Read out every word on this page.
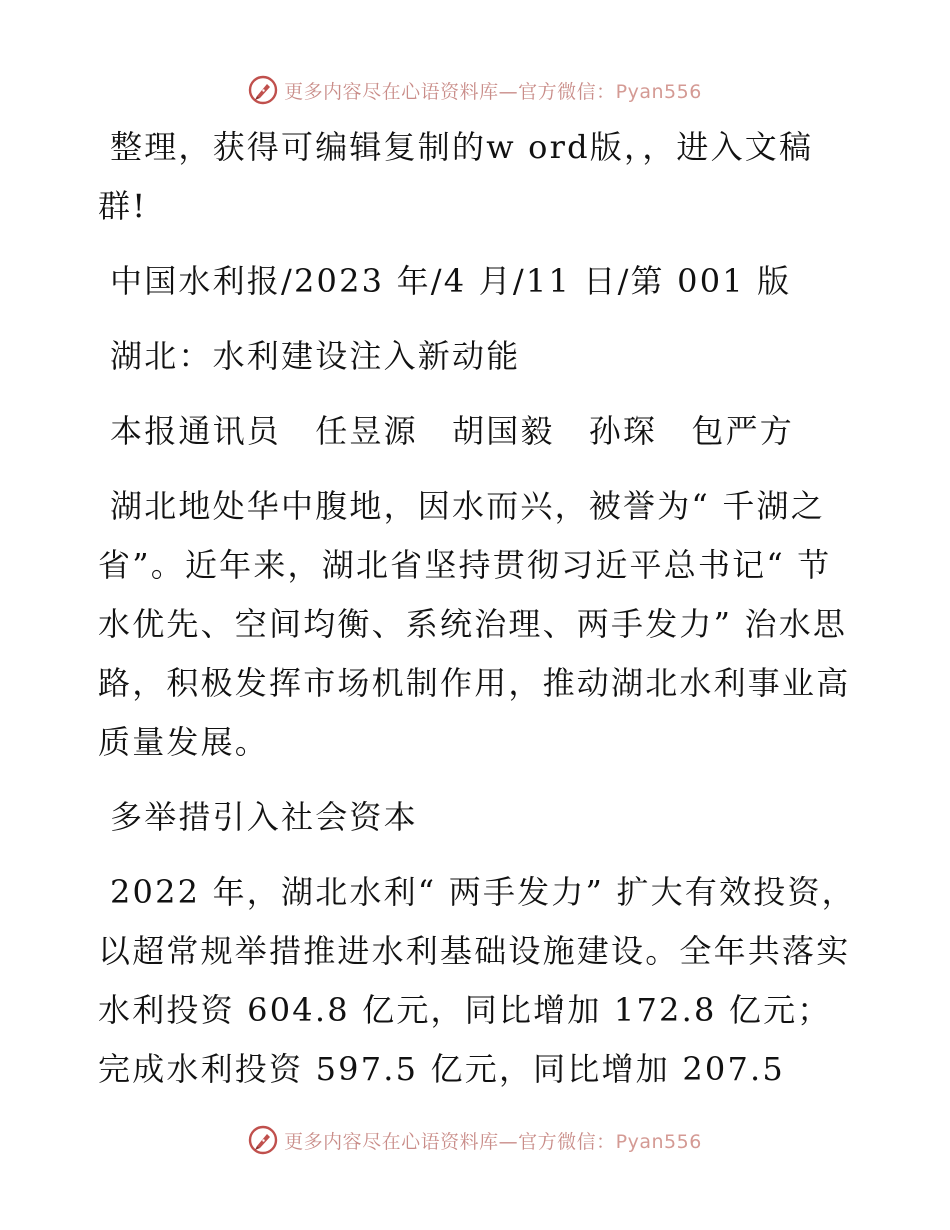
更多内容尽在心语资料库—官方微信：Pyan556

整理，获得可编辑复制的w ord版，，进入文稿群!

中国水利报/2023 年/4 月/11 日/第 001 版

湖北：水利建设注入新动能

本报通讯员　任昱源　胡国毅　孙琛　包严方

湖北地处华中腹地，因水而兴，被誉为“ 千湖之省”。近年来，湖北省坚持贯彻习近平总书记“ 节水优先、空间均衡、系统治理、两手发力” 治水思路，积极发挥市场机制作用，推动湖北水利事业高质量发展。

多举措引入社会资本

2022 年，湖北水利“ 两手发力” 扩大有效投资，以超常规举措推进水利基础设施建设。全年共落实水利投资 604.8 亿元，同比增加 172.8 亿元；完成水利投资 597.5 亿元，同比增加 207.5

更多内容尽在心语资料库—官方微信：Pyan556
